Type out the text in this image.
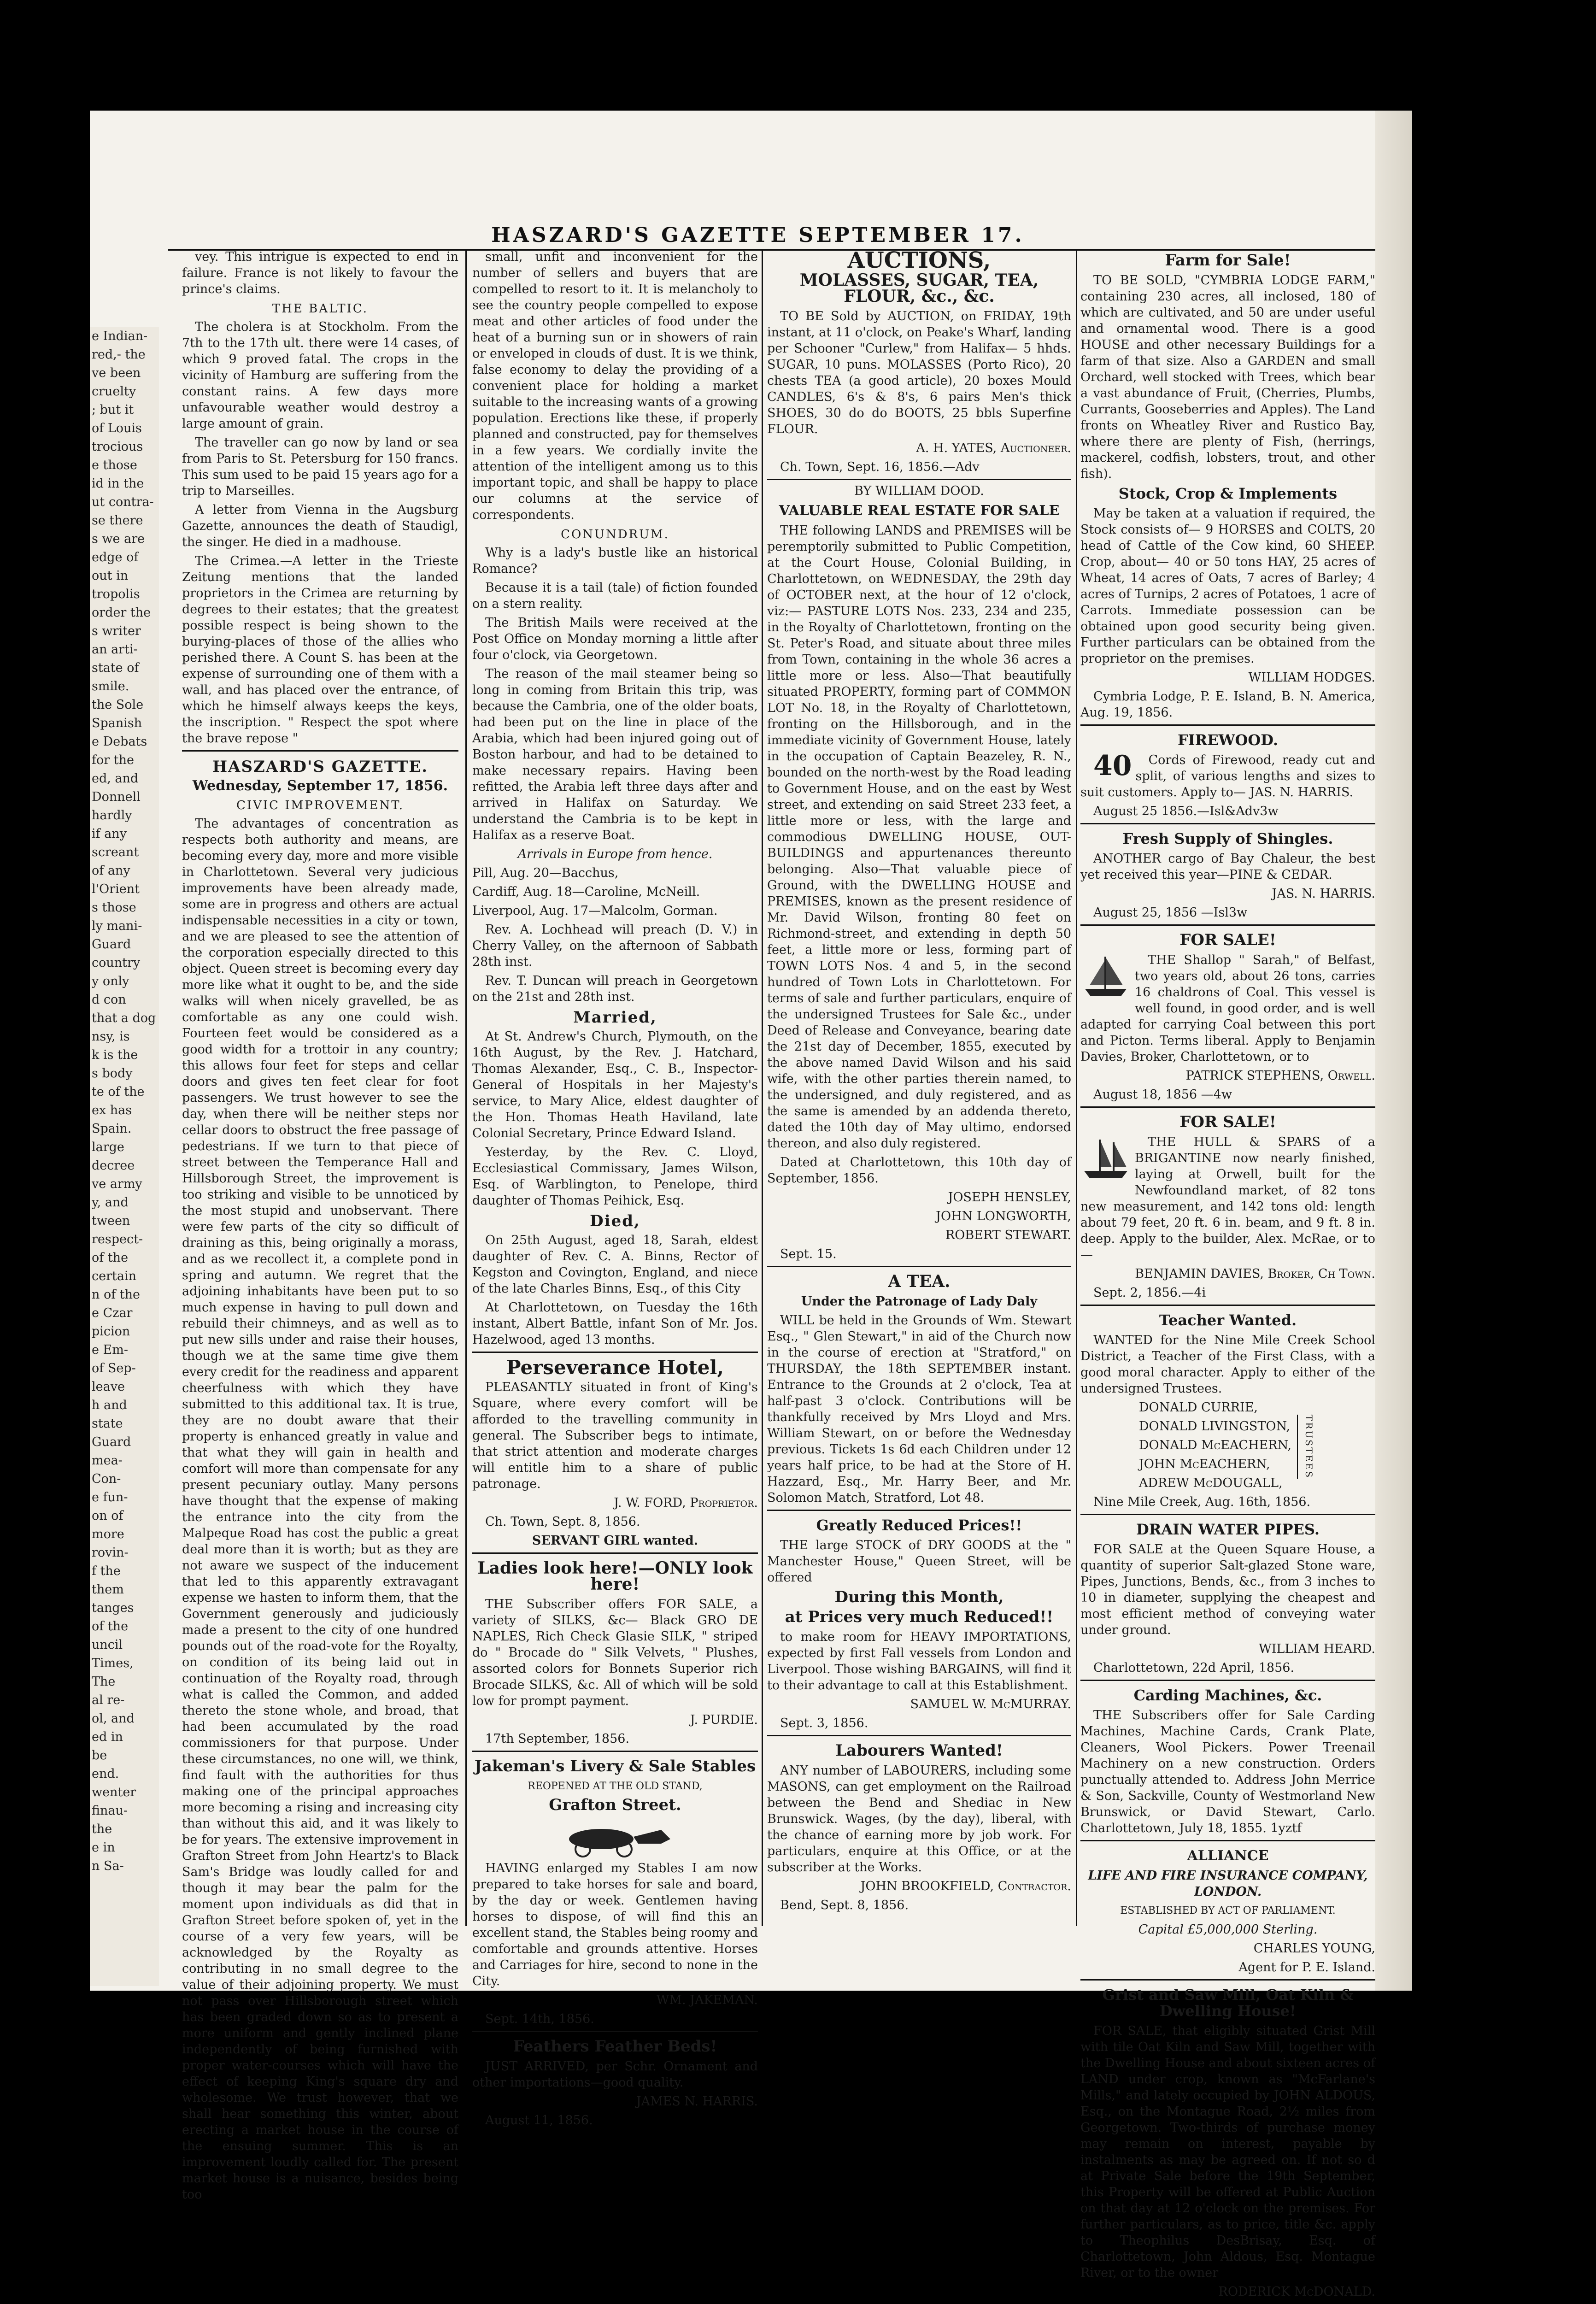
e Indian-

red,- the

ve been

cruelty

; but it

of Louis

trocious

e those

id in the

ut contra-

se there

s we are

edge of

out in

tropolis

order the

s writer

an arti-

state of

smile.

the Sole

Spanish

e Debats

for the

ed, and

Donnell

hardly

if any

screant

of any

l'Orient

s those

ly mani-

Guard

country

y only

d con

that a dog

nsy, is

k is the

s body

te of the

ex has

Spain.

large

decree

ve army

y, and

tween

respect-

of the

certain

n of the

e Czar

picion

e Em-

of Sep-

leave

h and

state

Guard

mea-

Con-

e fun-

on of

more

rovin-

f the

them

tanges

of the

uncil

Times,

The

al re-

ol, and

ed in

be

end.

wenter

finau-

the

e in

n Sa-

HASZARD'S GAZETTE SEPTEMBER 17.

vey. This intrigue is expected to end in failure. France is not likely to favour the prince's claims.

THE BALTIC.

The cholera is at Stockholm. From the 7th to the 17th ult. there were 14 cases, of which 9 proved fatal. The crops in the vicinity of Hamburg are suffering from the constant rains. A few days more unfavourable weather would destroy a large amount of grain.

The traveller can go now by land or sea from Paris to St. Petersburg for 150 francs. This sum used to be paid 15 years ago for a trip to Marseilles.

A letter from Vienna in the Augsburg Gazette, announces the death of Staudigl, the singer. He died in a madhouse.

The Crimea.—A letter in the Trieste Zeitung mentions that the landed proprietors in the Crimea are returning by degrees to their estates; that the greatest possible respect is being shown to the burying-places of those of the allies who perished there. A Count S. has been at the expense of surrounding one of them with a wall, and has placed over the entrance, of which he himself always keeps the keys, the inscription. " Respect the spot where the brave repose "

HASZARD'S GAZETTE.

Wednesday, September 17, 1856.

CIVIC IMPROVEMENT.

The advantages of concentration as respects both authority and means, are becoming every day, more and more visible in Charlottetown. Several very judicious improvements have been already made, some are in progress and others are actual indispensable necessities in a city or town, and we are pleased to see the attention of the corporation especially directed to this object. Queen street is becoming every day more like what it ought to be, and the side walks will when nicely gravelled, be as comfortable as any one could wish. Fourteen feet would be considered as a good width for a trottoir in any country; this allows four feet for steps and cellar doors and gives ten feet clear for foot passengers. We trust however to see the day, when there will be neither steps nor cellar doors to obstruct the free passage of pedestrians. If we turn to that piece of street between the Temperance Hall and Hillsborough Street, the improvement is too striking and visible to be unnoticed by the most stupid and unobservant. There were few parts of the city so difficult of draining as this, being originally a morass, and as we recollect it, a complete pond in spring and autumn. We regret that the adjoining inhabitants have been put to so much expense in having to pull down and rebuild their chimneys, and as well as to put new sills under and raise their houses, though we at the same time give them every credit for the readiness and apparent cheerfulness with which they have submitted to this additional tax. It is true, they are no doubt aware that their property is enhanced greatly in value and that what they will gain in health and comfort will more than compensate for any present pecuniary outlay. Many persons have thought that the expense of making the entrance into the city from the Malpeque Road has cost the public a great deal more than it is worth; but as they are not aware we suspect of the inducement that led to this apparently extravagant expense we hasten to inform them, that the Government generously and judiciously made a present to the city of one hundred pounds out of the road-vote for the Royalty, on condition of its being laid out in continuation of the Royalty road, through what is called the Common, and added thereto the stone whole, and broad, that had been accumulated by the road commissioners for that purpose. Under these circumstances, no one will, we think, find fault with the authorities for thus making one of the principal approaches more becoming a rising and increasing city than without this aid, and it was likely to be for years. The extensive improvement in Grafton Street from John Heartz's to Black Sam's Bridge was loudly called for and though it may bear the palm for the moment upon individuals as did that in Grafton Street before spoken of, yet in the course of a very few years, will be acknowledged by the Royalty as contributing in no small degree to the value of their adjoining property. We must not pass over Hillsborough street which has been graded down so as to present a more uniform and gently inclined plane independently of being furnished with proper water-courses which will have the effect of keeping King's square dry and wholesome. We trust however, that we shall hear something this winter, about erecting a market house in the course of the ensuing summer. This is an improvement loudly called for. The present market house is a nuisance, besides being too

small, unfit and inconvenient for the number of sellers and buyers that are compelled to resort to it. It is melancholy to see the country people compelled to expose meat and other articles of food under the heat of a burning sun or in showers of rain or enveloped in clouds of dust. It is we think, false economy to delay the providing of a convenient place for holding a market suitable to the increasing wants of a growing population. Erections like these, if properly planned and constructed, pay for themselves in a few years. We cordially invite the attention of the intelligent among us to this important topic, and shall be happy to place our columns at the service of correspondents.

CONUNDRUM.

Why is a lady's bustle like an historical Romance?

Because it is a tail (tale) of fiction founded on a stern reality.

The British Mails were received at the Post Office on Monday morning a little after four o'clock, via Georgetown.

The reason of the mail steamer being so long in coming from Britain this trip, was because the Cambria, one of the older boats, had been put on the line in place of the Arabia, which had been injured going out of Boston harbour, and had to be detained to make necessary repairs. Having been refitted, the Arabia left three days after and arrived in Halifax on Saturday. We understand the Cambria is to be kept in Halifax as a reserve Boat.

Arrivals in Europe from hence.

Pill, Aug. 20—Bacchus,

Cardiff, Aug. 18—Caroline, McNeill.

Liverpool, Aug. 17—Malcolm, Gorman.

Rev. A. Lochhead will preach (D. V.) in Cherry Valley, on the afternoon of Sabbath 28th inst.

Rev. T. Duncan will preach in Georgetown on the 21st and 28th inst.

Married,

At St. Andrew's Church, Plymouth, on the 16th August, by the Rev. J. Hatchard, Thomas Alexander, Esq., C. B., Inspector-General of Hospitals in her Majesty's service, to Mary Alice, eldest daughter of the Hon. Thomas Heath Haviland, late Colonial Secretary, Prince Edward Island.

Yesterday, by the Rev. C. Lloyd, Ecclesiastical Commissary, James Wilson, Esq. of Warblington, to Penelope, third daughter of Thomas Peihick, Esq.

Died,

On 25th August, aged 18, Sarah, eldest daughter of Rev. C. A. Binns, Rector of Kegston and Covington, England, and niece of the late Charles Binns, Esq., of this City

At Charlottetown, on Tuesday the 16th instant, Albert Battle, infant Son of Mr. Jos. Hazelwood, aged 13 months.

Perseverance Hotel,

PLEASANTLY situated in front of King's Square, where every comfort will be afforded to the travelling community in general. The Subscriber begs to intimate, that strict attention and moderate charges will entitle him to a share of public patronage.

J. W. FORD, Proprietor.

Ch. Town, Sept. 8, 1856.

SERVANT GIRL wanted.

Ladies look here!—ONLY look here!

THE Subscriber offers FOR SALE, a variety of SILKS, &c— Black GRO DE NAPLES, Rich Check Glasie SILK, " striped do " Brocade do " Silk Velvets, " Plushes, assorted colors for Bonnets Superior rich Brocade SILKS, &c. All of which will be sold low for prompt payment.

J. PURDIE.

17th September, 1856.

Jakeman's Livery & Sale Stables

REOPENED AT THE OLD STAND,

Grafton Street.

HAVING enlarged my Stables I am now prepared to take horses for sale and board, by the day or week. Gentlemen having horses to dispose, of will find this an excellent stand, the Stables being roomy and comfortable and grounds attentive. Horses and Carriages for hire, second to none in the City.

WM. JAKEMAN.

Sept. 14th, 1856.

Feathers Feather Beds!

JUST ARRIVED, per Schr. Ornament and other importations—good quality.

JAMES N. HARRIS.

August 11, 1856.

AUCTIONS,
MOLASSES, SUGAR, TEA, FLOUR, &c., &c.

TO BE Sold by AUCTION, on FRIDAY, 19th instant, at 11 o'clock, on Peake's Wharf, landing per Schooner "Curlew," from Halifax— 5 hhds. SUGAR, 10 puns. MOLASSES (Porto Rico), 20 chests TEA (a good article), 20 boxes Mould CANDLES, 6's & 8's, 6 pairs Men's thick SHOES, 30 do do BOOTS, 25 bbls Superfine FLOUR.

A. H. YATES, Auctioneer.

Ch. Town, Sept. 16, 1856.—Adv

BY WILLIAM DOOD.

VALUABLE REAL ESTATE FOR SALE

THE following LANDS and PREMISES will be peremptorily submitted to Public Competition, at the Court House, Colonial Building, in Charlottetown, on WEDNESDAY, the 29th day of OCTOBER next, at the hour of 12 o'clock, viz:— PASTURE LOTS Nos. 233, 234 and 235, in the Royalty of Charlottetown, fronting on the St. Peter's Road, and situate about three miles from Town, containing in the whole 36 acres a little more or less. Also—That beautifully situated PROPERTY, forming part of COMMON LOT No. 18, in the Royalty of Charlottetown, fronting on the Hillsborough, and in the immediate vicinity of Government House, lately in the occupation of Captain Beazeley, R. N., bounded on the north-west by the Road leading to Government House, and on the east by West street, and extending on said Street 233 feet, a little more or less, with the large and commodious DWELLING HOUSE, OUT-BUILDINGS and appurtenances thereunto belonging. Also—That valuable piece of Ground, with the DWELLING HOUSE and PREMISES, known as the present residence of Mr. David Wilson, fronting 80 feet on Richmond-street, and extending in depth 50 feet, a little more or less, forming part of TOWN LOTS Nos. 4 and 5, in the second hundred of Town Lots in Charlottetown. For terms of sale and further particulars, enquire of the undersigned Trustees for Sale &c., under Deed of Release and Conveyance, bearing date the 21st day of December, 1855, executed by the above named David Wilson and his said wife, with the other parties therein named, to the undersigned, and duly registered, and as the same is amended by an addenda thereto, dated the 10th day of May ultimo, endorsed thereon, and also duly registered.

Dated at Charlottetown, this 10th day of September, 1856.

JOSEPH HENSLEY,

JOHN LONGWORTH,

ROBERT STEWART.

Sept. 15.

A TEA.

Under the Patronage of Lady Daly

WILL be held in the Grounds of Wm. Stewart Esq., " Glen Stewart," in aid of the Church now in the course of erection at "Stratford," on THURSDAY, the 18th SEPTEMBER instant. Entrance to the Grounds at 2 o'clock, Tea at half-past 3 o'clock. Contributions will be thankfully received by Mrs Lloyd and Mrs. William Stewart, on or before the Wednesday previous. Tickets 1s 6d each Children under 12 years half price, to be had at the Store of H. Hazzard, Esq., Mr. Harry Beer, and Mr. Solomon Match, Stratford, Lot 48.

Greatly Reduced Prices!!

THE large STOCK of DRY GOODS at the " Manchester House," Queen Street, will be offered

During this Month,
at Prices very much Reduced!!

to make room for HEAVY IMPORTATIONS, expected by first Fall vessels from London and Liverpool. Those wishing BARGAINS, will find it to their advantage to call at this Establishment.

SAMUEL W. McMURRAY.

Sept. 3, 1856.

Labourers Wanted!

ANY number of LABOURERS, including some MASONS, can get employment on the Railroad between the Bend and Shediac in New Brunswick. Wages, (by the day), liberal, with the chance of earning more by job work. For particulars, enquire at this Office, or at the subscriber at the Works.

JOHN BROOKFIELD, Contractor.

Bend, Sept. 8, 1856.

Farm for Sale!

TO BE SOLD, "CYMBRIA LODGE FARM," containing 230 acres, all inclosed, 180 of which are cultivated, and 50 are under useful and ornamental wood. There is a good HOUSE and other necessary Buildings for a farm of that size. Also a GARDEN and small Orchard, well stocked with Trees, which bear a vast abundance of Fruit, (Cherries, Plumbs, Currants, Gooseberries and Apples). The Land fronts on Wheatley River and Rustico Bay, where there are plenty of Fish, (herrings, mackerel, codfish, lobsters, trout, and other fish).

Stock, Crop & Implements

May be taken at a valuation if required, the Stock consists of— 9 HORSES and COLTS, 20 head of Cattle of the Cow kind, 60 SHEEP. Crop, about— 40 or 50 tons HAY, 25 acres of Wheat, 14 acres of Oats, 7 acres of Barley; 4 acres of Turnips, 2 acres of Potatoes, 1 acre of Carrots. Immediate possession can be obtained upon good security being given. Further particulars can be obtained from the proprietor on the premises.

WILLIAM HODGES.

Cymbria Lodge, P. E. Island, B. N. America, Aug. 19, 1856.

FIREWOOD.

40 Cords of Firewood, ready cut and split, of various lengths and sizes to suit customers. Apply to— JAS. N. HARRIS.

August 25 1856.—Isl&Adv3w

Fresh Supply of Shingles.

ANOTHER cargo of Bay Chaleur, the best yet received this year—PINE & CEDAR.

JAS. N. HARRIS.

August 25, 1856 —Isl3w

FOR SALE!

THE Shallop " Sarah," of Belfast, two years old, about 26 tons, carries 16 chaldrons of Coal. This vessel is well found, in good order, and is well adapted for carrying Coal between this port and Picton. Terms liberal. Apply to Benjamin Davies, Broker, Charlottetown, or to

PATRICK STEPHENS, Orwell.

August 18, 1856 —4w

FOR SALE!

THE HULL & SPARS of a BRIGANTINE now nearly finished, laying at Orwell, built for the Newfoundland market, of 82 tons new measurement, and 142 tons old: length about 79 feet, 20 ft. 6 in. beam, and 9 ft. 8 in. deep. Apply to the builder, Alex. McRae, or to—

BENJAMIN DAVIES, Broker, Ch Town.

Sept. 2, 1856.—4i

Teacher Wanted.

WANTED for the Nine Mile Creek School District, a Teacher of the First Class, with a good moral character. Apply to either of the undersigned Trustees.

DONALD CURRIE,

DONALD LIVINGSTON,

DONALD McEACHERN,

JOHN McEACHERN,

ADREW McDOUGALL,

TRUSTEES

Nine Mile Creek, Aug. 16th, 1856.

DRAIN WATER PIPES.

FOR SALE at the Queen Square House, a quantity of superior Salt-glazed Stone ware, Pipes, Junctions, Bends, &c., from 3 inches to 10 in diameter, supplying the cheapest and most efficient method of conveying water under ground.

WILLIAM HEARD.

Charlottetown, 22d April, 1856.

Carding Machines, &c.

THE Subscribers offer for Sale Carding Machines, Machine Cards, Crank Plate, Cleaners, Wool Pickers. Power Treenail Machinery on a new construction. Orders punctually attended to. Address John Merrice & Son, Sackville, County of Westmorland New Brunswick, or David Stewart, Carlo. Charlottetown, July 18, 1855. 1yztf

ALLIANCE

LIFE AND FIRE INSURANCE COMPANY, LONDON.

ESTABLISHED BY ACT OF PARLIAMENT.

Capital £5,000,000 Sterling.

CHARLES YOUNG,

Agent for P. E. Island.

Grist and Saw Mill, Oat Kiln & Dwelling House!

FOR SALE, that eligibly situated Grist Mill with tile Oat Kiln and Saw Mill, together with the Dwelling House and about sixteen acres of LAND under crop, known as "McFarlane's Mills," and lately occupied by JOHN ALDOUS, Esq., on the Montague Road, 2½ miles from Georgetown. Two-thirds of purchase money may remain on interest, payable by instalments as may be agreed on. If not so d at Private Sale before the 19th September, this Property will be offered at Public Auction on that day at 12 o'clock on the premises. For further particulars, as to price, title &c. apply to Theophilus DesBrisay, Esq. of Charlottetown, John Aldous, Esq. Montague River, or to the owner

RODERICK McDONALD.
